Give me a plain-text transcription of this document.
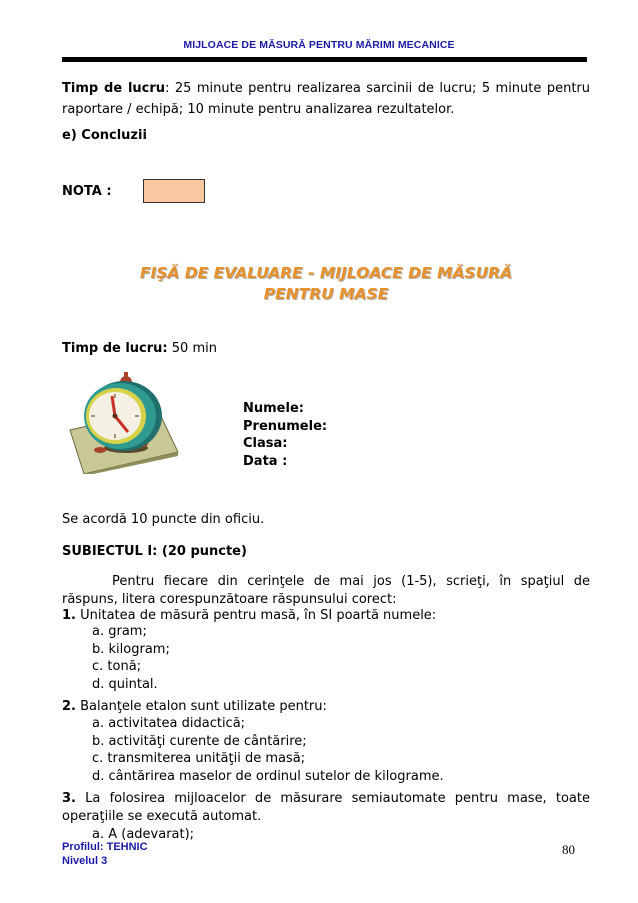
MIJLOACE DE MĂSURĂ PENTRU MĂRIMI MECANICE
Timp de lucru: 25 minute pentru realizarea sarcinii de lucru; 5 minute pentru raportare / echipă; 10 minute pentru analizarea rezultatelor.
e) Concluzii
NOTA :
FIŞĂ DE EVALUARE - MIJLOACE DE MĂSURĂ
PENTRU MASE
Timp de lucru: 50 min
Numele:
Prenumele:
Clasa:
Data :
Se acordă 10 puncte din oficiu.
SUBIECTUL I: (20 puncte)
Pentru fiecare din cerinţele de mai jos (1-5), scrieţi, în spaţiul de răspuns, litera corespunzătoare răspunsului corect:
1. Unitatea de măsură pentru masă, în SI poartă numele:
a. gram;
b. kilogram;
c. tonă;
d. quintal.
2. Balanţele etalon sunt utilizate pentru:
a. activitatea didactică;
b. activităţi curente de cântărire;
c. transmiterea unităţii de masă;
d. cântărirea maselor de ordinul sutelor de kilograme.
3. La folosirea mijloacelor de măsurare semiautomate pentru mase, toate operaţiile se execută automat.
a. A (adevarat);
Profilul: TEHNIC
Nivelul 3
80
